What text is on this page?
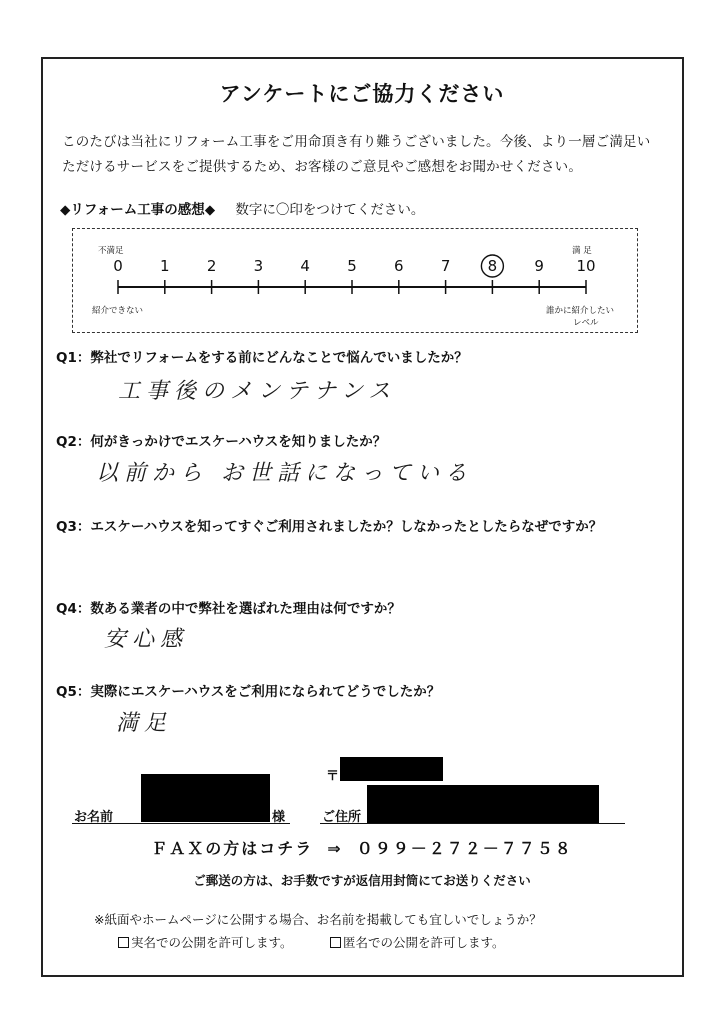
アンケートにご協力ください
このたびは当社にリフォーム工事をご用命頂き有り難うございました。今後、より一層ご満足い
ただけるサービスをご提供するため、お客様のご意見やご感想をお聞かせください。
◆リフォーム工事の感想◆ 数字に〇印をつけてください。
不満足	満 足
紹介できない	誰かに紹介したい
レベル
0	1	2	3	4	5	6	7	8	9	10
Q1：弊社でリフォームをする前にどんなことで悩んでいましたか？
工事後のメンテナンス
Q2：何がきっかけでエスケーハウスを知りましたか？
以前から お世話になっている
Q3：エスケーハウスを知ってすぐご利用されましたか？しなかったとしたらなぜですか？
Q4：数ある業者の中で弊社を選ばれた理由は何ですか？
安心感
Q5：実際にエスケーハウスをご利用になられてどうでしたか？
満足
〒
お名前	様	ご住所
ＦＡＸの方はコチラ ⇒ ０９９－２７２－７７５８
ご郵送の方は、お手数ですが返信用封筒にてお送りください
※紙面やホームページに公開する場合、お名前を掲載しても宜しいでしょうか？
実名での公開を許可します。	匿名での公開を許可します。
